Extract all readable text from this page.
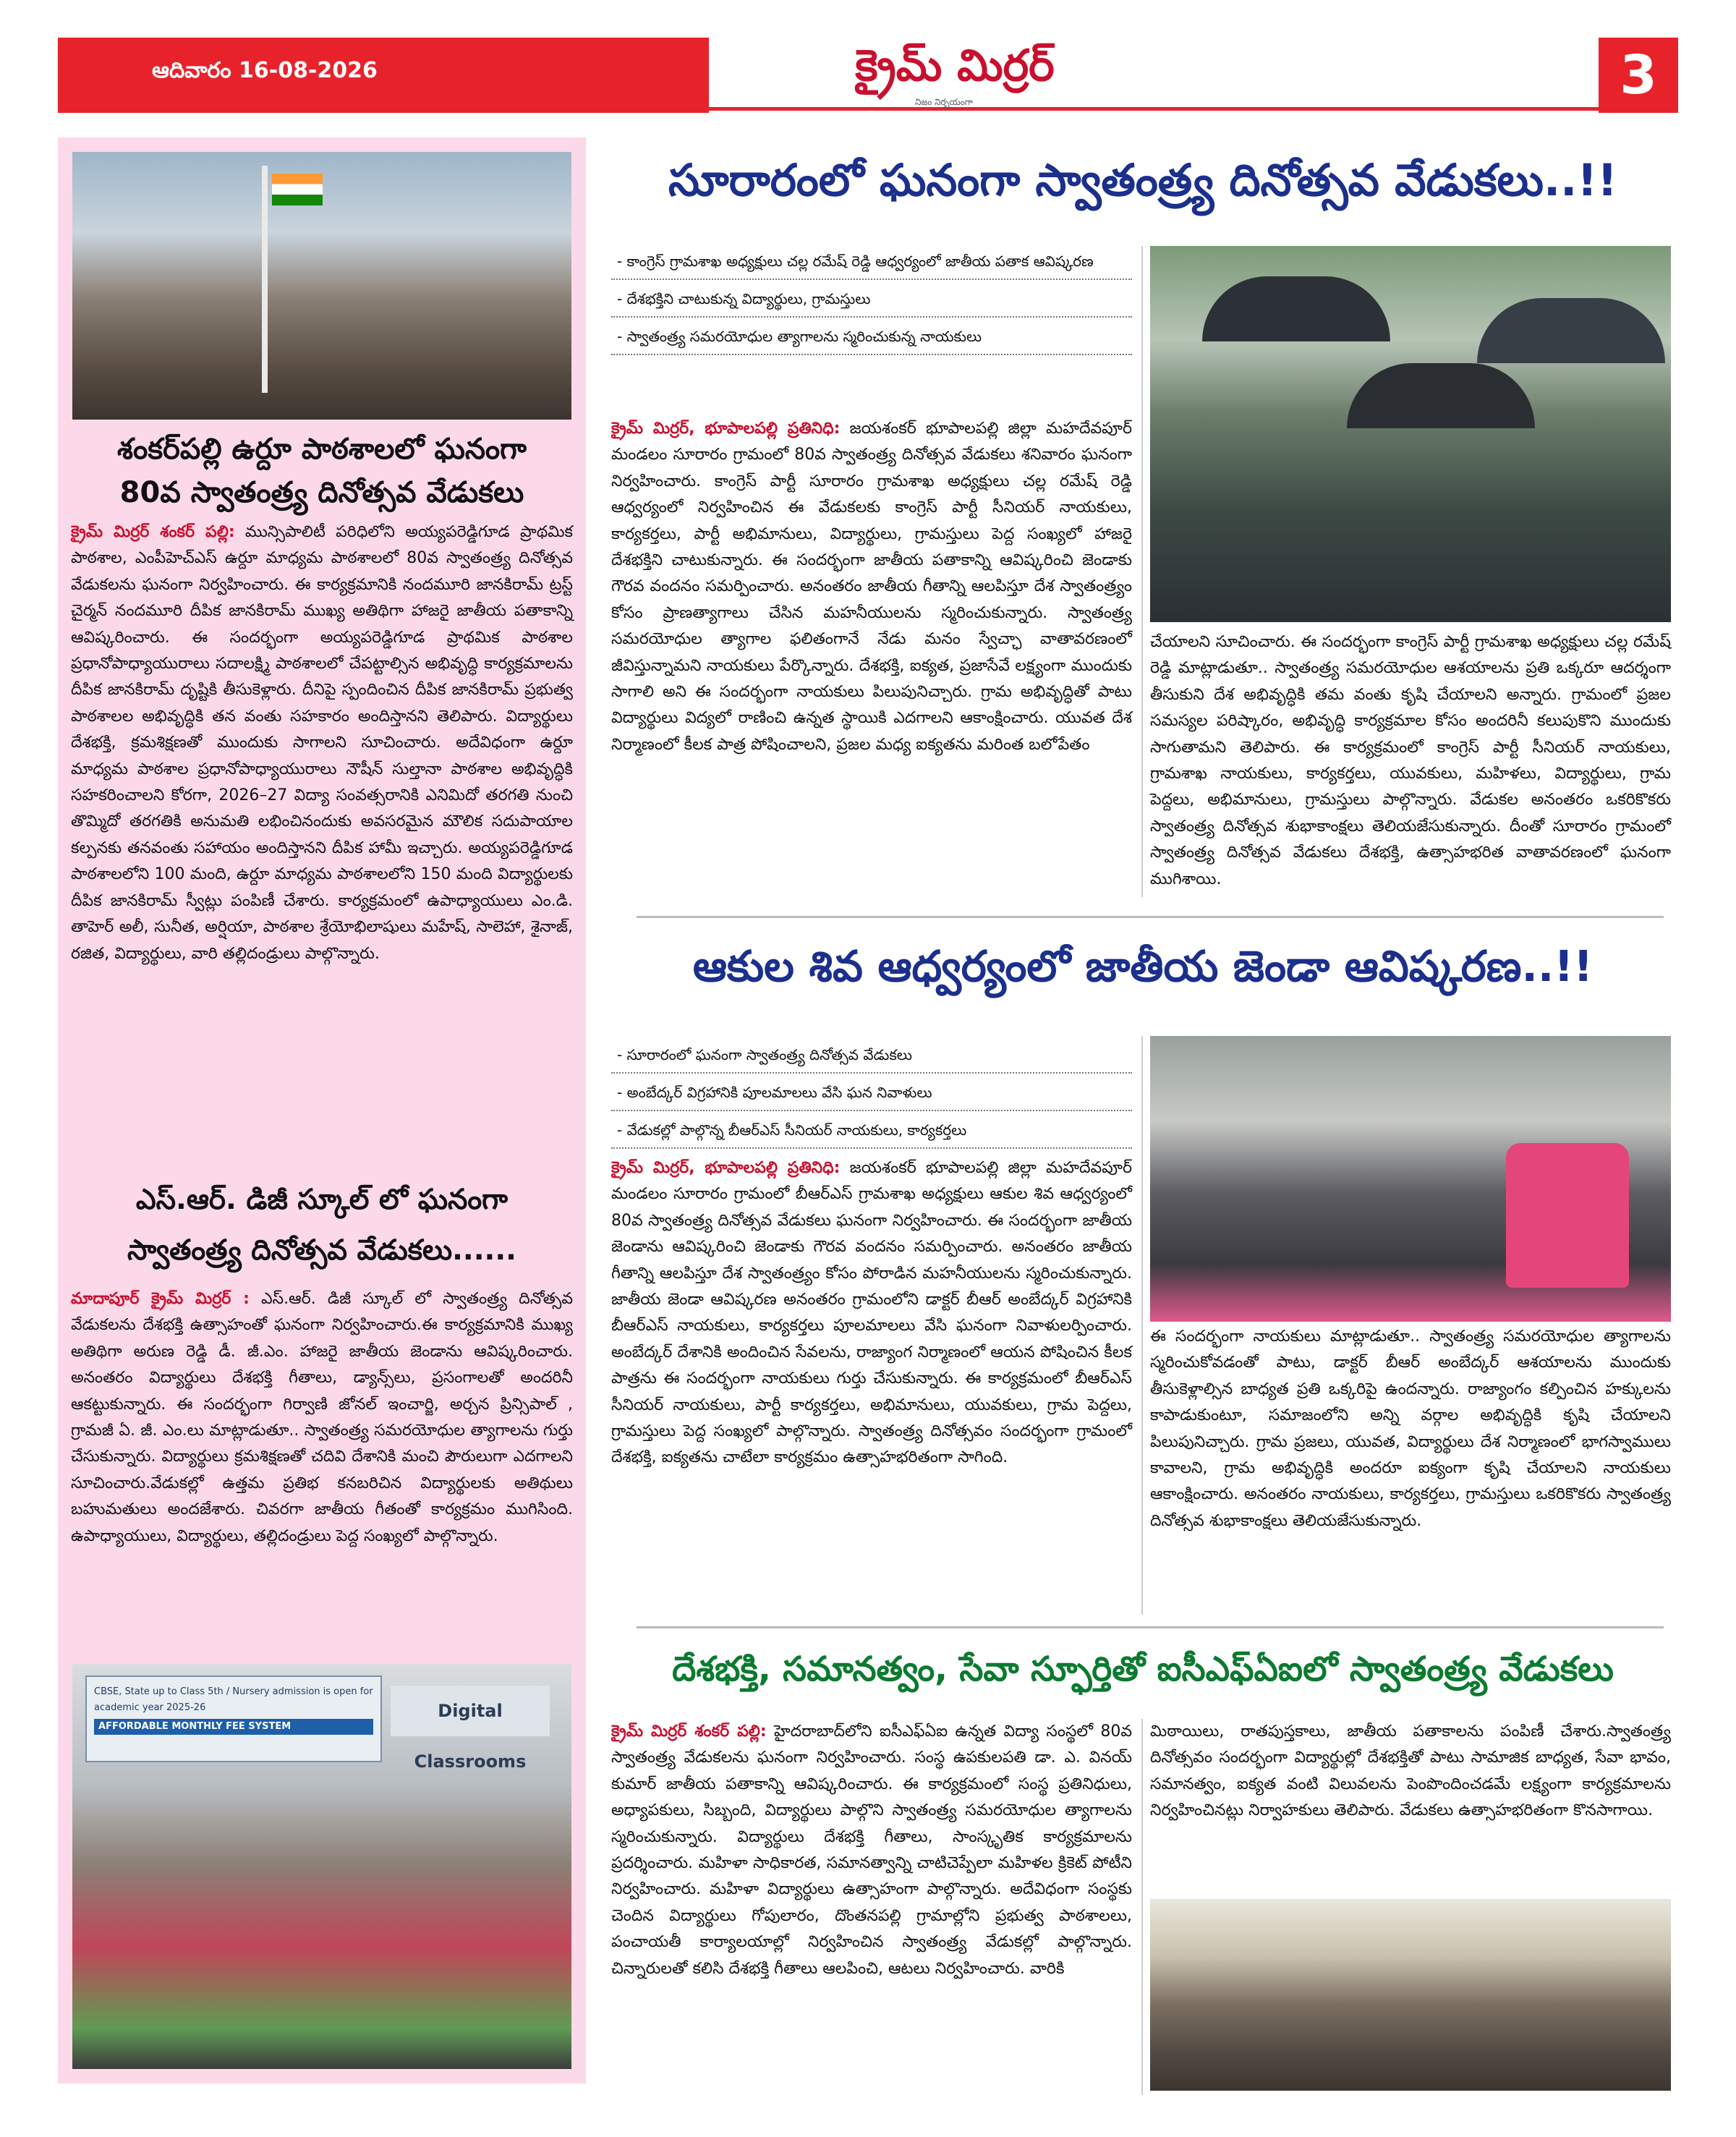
ఆదివారం 16-08-2026	క్రైమ్ మిర్రర్
నిజం నిర్భయంగా	3
శంకర్‌పల్లి ఉర్దూ పాఠశాలలో ఘనంగా
80వ స్వాతంత్ర్య దినోత్సవ వేడుకలు
క్రైమ్ మిర్రర్ శంకర్ పల్లి: మున్సిపాలిటీ పరిధిలోని అయ్యపరెడ్డిగూడ ప్రాథమిక పాఠశాల, ఎంపీహెచ్ఎస్ ఉర్దూ మాధ్యమ పాఠశాలలో 80వ స్వాతంత్ర్య దినోత్సవ వేడుకలను ఘనంగా నిర్వహించారు. ఈ కార్యక్రమానికి నందమూరి జానకిరామ్ ట్రస్ట్ చైర్మన్ నందమూరి దీపిక జానకిరామ్ ముఖ్య అతిథిగా హాజరై జాతీయ పతాకాన్ని ఆవిష్కరించారు. ఈ సందర్భంగా అయ్యపరెడ్డిగూడ ప్రాథమిక పాఠశాల ప్రధానోపాధ్యాయురాలు సదాలక్ష్మి పాఠశాలలో చేపట్టాల్సిన అభివృద్ధి కార్యక్రమాలను దీపిక జానకిరామ్ దృష్టికి తీసుకెళ్లారు. దీనిపై స్పందించిన దీపిక జానకిరామ్ ప్రభుత్వ పాఠశాలల అభివృద్ధికి తన వంతు సహకారం అందిస్తానని తెలిపారు. విద్యార్థులు దేశభక్తి, క్రమశిక్షణతో ముందుకు సాగాలని సూచించారు. అదేవిధంగా ఉర్దూ మాధ్యమ పాఠశాల ప్రధానోపాధ్యాయురాలు నౌషీన్ సుల్తానా పాఠశాల అభివృద్ధికి సహకరించాలని కోరగా, 2026–27 విద్యా సంవత్సరానికి ఎనిమిదో తరగతి నుంచి తొమ్మిదో తరగతికి అనుమతి లభించినందుకు అవసరమైన మౌలిక సదుపాయాల కల్పనకు తనవంతు సహాయం అందిస్తానని దీపిక హామీ ఇచ్చారు. అయ్యపరెడ్డిగూడ పాఠశాలలోని 100 మంది, ఉర్దూ మాధ్యమ పాఠశాలలోని 150 మంది విద్యార్థులకు దీపిక జానకిరామ్ స్వీట్లు పంపిణీ చేశారు. కార్యక్రమంలో ఉపాధ్యాయులు ఎం.డి. తాహెర్ అలీ, సునీత, అర్షియా, పాఠశాల శ్రేయోభిలాషులు మహేష్, సాలెహా, శైనాజ్, రజిత, విద్యార్థులు, వారి తల్లిదండ్రులు పాల్గొన్నారు.
ఎస్.ఆర్. డిజీ స్కూల్ లో ఘనంగా
స్వాతంత్ర్య దినోత్సవ వేడుకలు......
మాదాపూర్ క్రైమ్ మిర్రర్ : ఎస్.ఆర్. డిజీ స్కూల్ లో స్వాతంత్ర్య దినోత్సవ వేడుకలను దేశభక్తి ఉత్సాహంతో ఘనంగా నిర్వహించారు.ఈ కార్యక్రమానికి ముఖ్య అతిథిగా అరుణ రెడ్డి డీ. జీ.ఎం. హాజరై జాతీయ జెండాను ఆవిష్కరించారు. అనంతరం విద్యార్థులు దేశభక్తి గీతాలు, డ్యాన్స్‌లు, ప్రసంగాలతో అందరినీ ఆకట్టుకున్నారు. ఈ సందర్భంగా గిర్వాణి జోనల్ ఇంచార్జి, అర్చన ప్రిన్సిపాల్ , గ్రామజీ ఏ. జీ. ఎం.లు మాట్లాడుతూ.. స్వాతంత్ర్య సమరయోధుల త్యాగాలను గుర్తు చేసుకున్నారు. విద్యార్థులు క్రమశిక్షణతో చదివి దేశానికి మంచి పౌరులుగా ఎదగాలని సూచించారు.వేడుకల్లో ఉత్తమ ప్రతిభ కనబరిచిన విద్యార్థులకు అతిథులు బహుమతులు అందజేశారు. చివరగా జాతీయ గీతంతో కార్యక్రమం ముగిసింది. ఉపాధ్యాయులు, విద్యార్థులు, తల్లిదండ్రులు పెద్ద సంఖ్యలో పాల్గొన్నారు.
CBSE, State up to Class 5th / Nursery admission is open for academic year 2025-26
AFFORDABLE MONTHLY FEE SYSTEM
Digital Classrooms
సూరారంలో ఘనంగా స్వాతంత్ర్య దినోత్సవ వేడుకలు..!!
- కాంగ్రెస్ గ్రామశాఖ అధ్యక్షులు చల్ల రమేష్ రెడ్డి ఆధ్వర్యంలో జాతీయ పతాక ఆవిష్కరణ
- దేశభక్తిని చాటుకున్న విద్యార్థులు, గ్రామస్తులు
- స్వాతంత్ర్య సమరయోధుల త్యాగాలను స్మరించుకున్న నాయకులు
క్రైమ్ మిర్రర్, భూపాలపల్లి ప్రతినిధి: జయశంకర్ భూపాలపల్లి జిల్లా మహదేవపూర్ మండలం సూరారం గ్రామంలో 80వ స్వాతంత్ర్య దినోత్సవ వేడుకలు శనివారం ఘనంగా నిర్వహించారు. కాంగ్రెస్ పార్టీ సూరారం గ్రామశాఖ అధ్యక్షులు చల్ల రమేష్ రెడ్డి ఆధ్వర్యంలో నిర్వహించిన ఈ వేడుకలకు కాంగ్రెస్ పార్టీ సీనియర్ నాయకులు, కార్యకర్తలు, పార్టీ అభిమానులు, విద్యార్థులు, గ్రామస్తులు పెద్ద సంఖ్యలో హాజరై దేశభక్తిని చాటుకున్నారు. ఈ సందర్భంగా జాతీయ పతాకాన్ని ఆవిష్కరించి జెండాకు గౌరవ వందనం సమర్పించారు. అనంతరం జాతీయ గీతాన్ని ఆలపిస్తూ దేశ స్వాతంత్ర్యం కోసం ప్రాణత్యాగాలు చేసిన మహనీయులను స్మరించుకున్నారు. స్వాతంత్ర్య సమరయోధుల త్యాగాల ఫలితంగానే నేడు మనం స్వేచ్ఛా వాతావరణంలో జీవిస్తున్నామని నాయకులు పేర్కొన్నారు. దేశభక్తి, ఐక్యత, ప్రజాసేవే లక్ష్యంగా ముందుకు సాగాలి అని ఈ సందర్భంగా నాయకులు పిలుపునిచ్చారు. గ్రామ అభివృద్ధితో పాటు విద్యార్థులు విద్యలో రాణించి ఉన్నత స్థాయికి ఎదగాలని ఆకాంక్షించారు. యువత దేశ నిర్మాణంలో కీలక పాత్ర పోషించాలని, ప్రజల మధ్య ఐక్యతను మరింత బలోపేతం
చేయాలని సూచించారు. ఈ సందర్భంగా కాంగ్రెస్ పార్టీ గ్రామశాఖ అధ్యక్షులు చల్ల రమేష్ రెడ్డి మాట్లాడుతూ.. స్వాతంత్ర్య సమరయోధుల ఆశయాలను ప్రతి ఒక్కరూ ఆదర్శంగా తీసుకుని దేశ అభివృద్ధికి తమ వంతు కృషి చేయాలని అన్నారు. గ్రామంలో ప్రజల సమస్యల పరిష్కారం, అభివృద్ధి కార్యక్రమాల కోసం అందరినీ కలుపుకొని ముందుకు సాగుతామని తెలిపారు. ఈ కార్యక్రమంలో కాంగ్రెస్ పార్టీ సీనియర్ నాయకులు, గ్రామశాఖ నాయకులు, కార్యకర్తలు, యువకులు, మహిళలు, విద్యార్థులు, గ్రామ పెద్దలు, అభిమానులు, గ్రామస్తులు పాల్గొన్నారు. వేడుకల అనంతరం ఒకరికొకరు స్వాతంత్ర్య దినోత్సవ శుభాకాంక్షలు తెలియజేసుకున్నారు. దీంతో సూరారం గ్రామంలో స్వాతంత్ర్య దినోత్సవ వేడుకలు దేశభక్తి, ఉత్సాహభరిత వాతావరణంలో ఘనంగా ముగిశాయి.
ఆకుల శివ ఆధ్వర్యంలో జాతీయ జెండా ఆవిష్కరణ..!!
- సూరారంలో ఘనంగా స్వాతంత్ర్య దినోత్సవ వేడుకలు
- అంబేద్కర్ విగ్రహానికి పూలమాలలు వేసి ఘన నివాళులు
- వేడుకల్లో పాల్గొన్న బీఆర్ఎస్ సీనియర్ నాయకులు, కార్యకర్తలు
క్రైమ్ మిర్రర్, భూపాలపల్లి ప్రతినిధి: జయశంకర్ భూపాలపల్లి జిల్లా మహదేవపూర్ మండలం సూరారం గ్రామంలో బీఆర్ఎస్ గ్రామశాఖ అధ్యక్షులు ఆకుల శివ ఆధ్వర్యంలో 80వ స్వాతంత్ర్య దినోత్సవ వేడుకలు ఘనంగా నిర్వహించారు. ఈ సందర్భంగా జాతీయ జెండాను ఆవిష్కరించి జెండాకు గౌరవ వందనం సమర్పించారు. అనంతరం జాతీయ గీతాన్ని ఆలపిస్తూ దేశ స్వాతంత్ర్యం కోసం పోరాడిన మహనీయులను స్మరించుకున్నారు. జాతీయ జెండా ఆవిష్కరణ అనంతరం గ్రామంలోని డాక్టర్ బీఆర్ అంబేద్కర్ విగ్రహానికి బీఆర్ఎస్ నాయకులు, కార్యకర్తలు పూలమాలలు వేసి ఘనంగా నివాళులర్పించారు. అంబేద్కర్ దేశానికి అందించిన సేవలను, రాజ్యాంగ నిర్మాణంలో ఆయన పోషించిన కీలక పాత్రను ఈ సందర్భంగా నాయకులు గుర్తు చేసుకున్నారు. ఈ కార్యక్రమంలో బీఆర్ఎస్ సీనియర్ నాయకులు, పార్టీ కార్యకర్తలు, అభిమానులు, యువకులు, గ్రామ పెద్దలు, గ్రామస్తులు పెద్ద సంఖ్యలో పాల్గొన్నారు. స్వాతంత్ర్య దినోత్సవం సందర్భంగా గ్రామంలో దేశభక్తి, ఐక్యతను చాటేలా కార్యక్రమం ఉత్సాహభరితంగా సాగింది.
ఈ సందర్భంగా నాయకులు మాట్లాడుతూ.. స్వాతంత్ర్య సమరయోధుల త్యాగాలను స్మరించుకోవడంతో పాటు, డాక్టర్ బీఆర్ అంబేద్కర్ ఆశయాలను ముందుకు తీసుకెళ్లాల్సిన బాధ్యత ప్రతి ఒక్కరిపై ఉందన్నారు. రాజ్యాంగం కల్పించిన హక్కులను కాపాడుకుంటూ, సమాజంలోని అన్ని వర్గాల అభివృద్ధికి కృషి చేయాలని పిలుపునిచ్చారు. గ్రామ ప్రజలు, యువత, విద్యార్థులు దేశ నిర్మాణంలో భాగస్వాములు కావాలని, గ్రామ అభివృద్ధికి అందరూ ఐక్యంగా కృషి చేయాలని నాయకులు ఆకాంక్షించారు. అనంతరం నాయకులు, కార్యకర్తలు, గ్రామస్తులు ఒకరికొకరు స్వాతంత్ర్య దినోత్సవ శుభాకాంక్షలు తెలియజేసుకున్నారు.
దేశభక్తి, సమానత్వం, సేవా స్ఫూర్తితో ఐసీఎఫ్ఏఐలో స్వాతంత్ర్య వేడుకలు
క్రైమ్ మిర్రర్ శంకర్ పల్లి: హైదరాబాద్‌లోని ఐసీఎఫ్ఏఐ ఉన్నత విద్యా సంస్థలో 80వ స్వాతంత్ర్య వేడుకలను ఘనంగా నిర్వహించారు. సంస్థ ఉపకులపతి డా. ఎ. వినయ్ కుమార్ జాతీయ పతాకాన్ని ఆవిష్కరించారు. ఈ కార్యక్రమంలో సంస్థ ప్రతినిధులు, అధ్యాపకులు, సిబ్బంది, విద్యార్థులు పాల్గొని స్వాతంత్ర్య సమరయోధుల త్యాగాలను స్మరించుకున్నారు. విద్యార్థులు దేశభక్తి గీతాలు, సాంస్కృతిక కార్యక్రమాలను ప్రదర్శించారు. మహిళా సాధికారత, సమానత్వాన్ని చాటిచెప్పేలా మహిళల క్రికెట్ పోటీని నిర్వహించారు. మహిళా విద్యార్థులు ఉత్సాహంగా పాల్గొన్నారు. అదేవిధంగా సంస్థకు చెందిన విద్యార్థులు గోపులారం, దొంతనపల్లి గ్రామాల్లోని ప్రభుత్వ పాఠశాలలు, పంచాయతీ కార్యాలయాల్లో నిర్వహించిన స్వాతంత్ర్య వేడుకల్లో పాల్గొన్నారు. చిన్నారులతో కలిసి దేశభక్తి గీతాలు ఆలపించి, ఆటలు నిర్వహించారు. వారికి
మిఠాయిలు, రాతపుస్తకాలు, జాతీయ పతాకాలను పంపిణీ చేశారు.స్వాతంత్ర్య దినోత్సవం సందర్భంగా విద్యార్థుల్లో దేశభక్తితో పాటు సామాజిక బాధ్యత, సేవా భావం, సమానత్వం, ఐక్యత వంటి విలువలను పెంపొందించడమే లక్ష్యంగా కార్యక్రమాలను నిర్వహించినట్లు నిర్వాహకులు తెలిపారు. వేడుకలు ఉత్సాహభరితంగా కొనసాగాయి.
